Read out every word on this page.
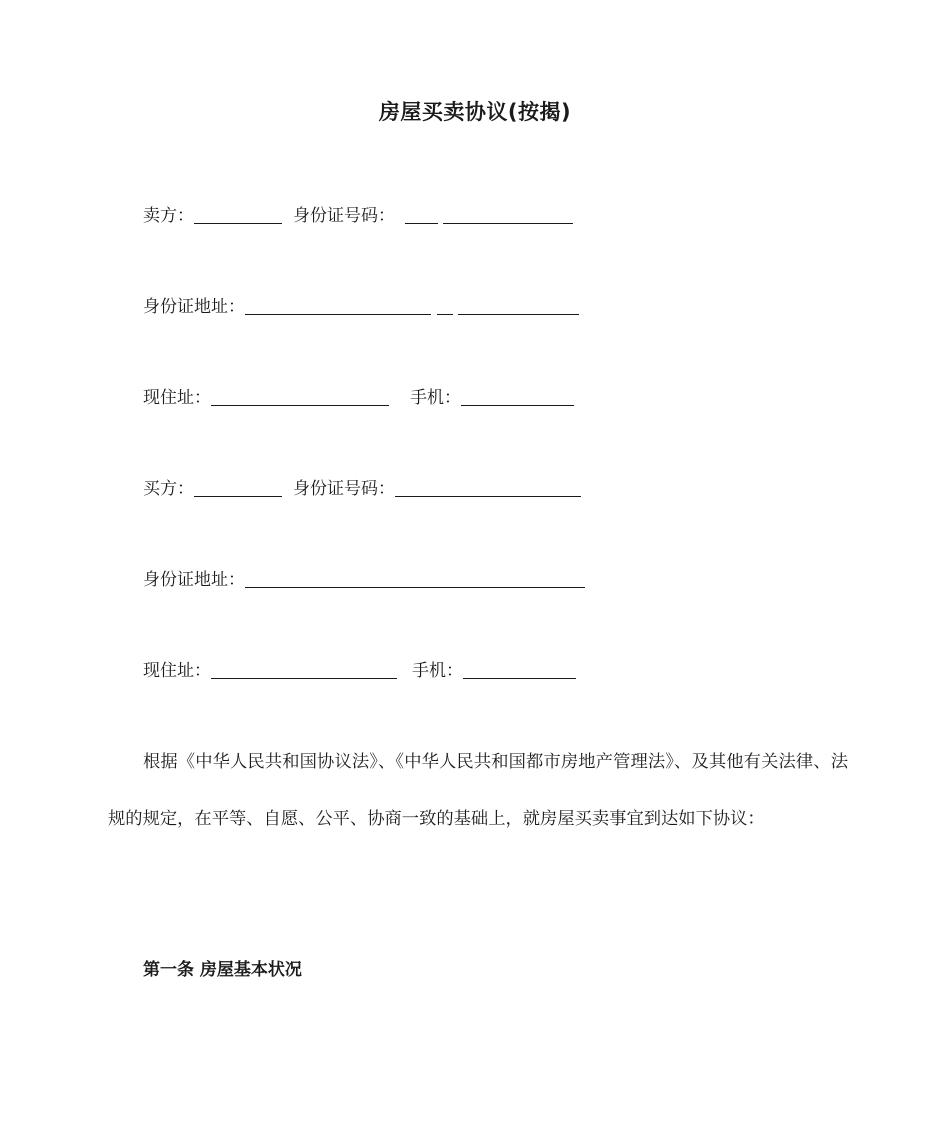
房屋买卖协议(按揭)
卖方：	身份证号码：
身份证地址：
现住址：	手机：
买方：	身份证号码：
身份证地址：
现住址：	手机：

根据《中华人民共和国协议法》、《中华人民共和国都市房地产管理法》、及其他有关法律、法规的规定，在平等、自愿、公平、协商一致的基础上，就房屋买卖事宜到达如下协议：

第一条 房屋基本状况
